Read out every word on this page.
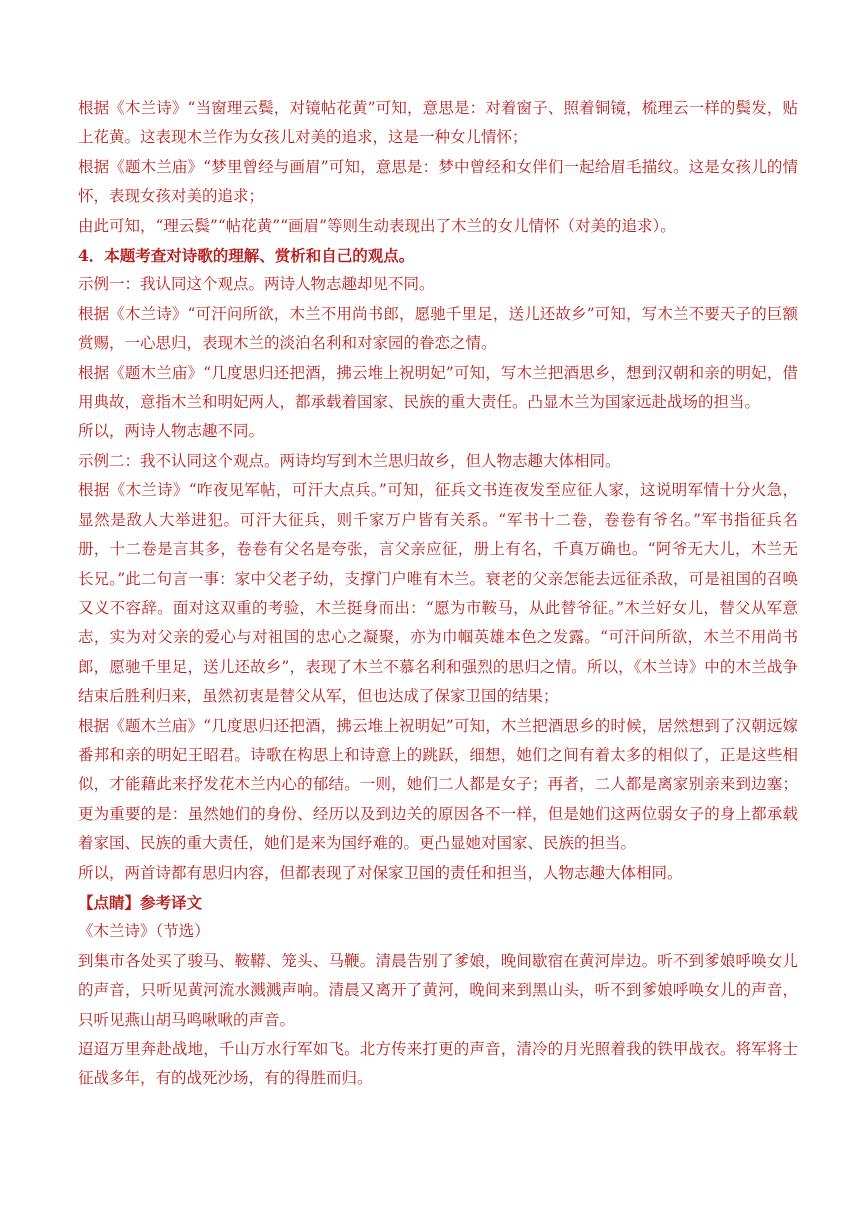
根据《木兰诗》“当窗理云鬓，对镜帖花黄”可知，意思是：对着窗子、照着铜镜，梳理云一样的鬓发，贴上花黄。这表现木兰作为女孩儿对美的追求，这是一种女儿情怀；

根据《题木兰庙》“梦里曾经与画眉”可知，意思是：梦中曾经和女伴们一起给眉毛描纹。这是女孩儿的情怀，表现女孩对美的追求；

由此可知，“理云鬓”“帖花黄”“画眉”等则生动表现出了木兰的女儿情怀（对美的追求）。

4．本题考查对诗歌的理解、赏析和自己的观点。

示例一：我认同这个观点。两诗人物志趣却见不同。

根据《木兰诗》“可汗问所欲，木兰不用尚书郎，愿驰千里足，送儿还故乡”可知，写木兰不要天子的巨额赏赐，一心思归，表现木兰的淡泊名利和对家园的眷恋之情。

根据《题木兰庙》“几度思归还把酒，拂云堆上祝明妃”可知，写木兰把酒思乡，想到汉朝和亲的明妃，借用典故，意指木兰和明妃两人，都承载着国家、民族的重大责任。凸显木兰为国家远赴战场的担当。

所以，两诗人物志趣不同。

示例二：我不认同这个观点。两诗均写到木兰思归故乡，但人物志趣大体相同。

根据《木兰诗》“咋夜见军帖，可汗大点兵。”可知，征兵文书连夜发至应征人家，这说明军情十分火急，显然是敌人大举进犯。可汗大征兵，则千家万户皆有关系。“军书十二卷，卷卷有爷名。”军书指征兵名册，十二卷是言其多，卷卷有父名是夸张，言父亲应征，册上有名，千真万确也。“阿爷无大儿，木兰无长兄。”此二句言一事：家中父老子幼，支撑门户唯有木兰。衰老的父亲怎能去远征杀敌，可是祖国的召唤又义不容辞。面对这双重的考验，木兰挺身而出：“愿为市鞍马，从此替爷征。”木兰好女儿，替父从军意志，实为对父亲的爱心与对祖国的忠心之凝聚，亦为巾帼英雄本色之发露。“可汗问所欲，木兰不用尚书郎，愿驰千里足，送儿还故乡”，表现了木兰不慕名利和强烈的思归之情。所以，《木兰诗》中的木兰战争结束后胜利归来，虽然初衷是替父从军，但也达成了保家卫国的结果；

根据《题木兰庙》“几度思归还把酒，拂云堆上祝明妃”可知，木兰把酒思乡的时候，居然想到了汉朝远嫁番邦和亲的明妃王昭君。诗歌在构思上和诗意上的跳跃，细想，她们之间有着太多的相似了，正是这些相似，才能藉此来抒发花木兰内心的郁结。一则，她们二人都是女子；再者，二人都是离家别亲来到边塞；更为重要的是：虽然她们的身份、经历以及到边关的原因各不一样，但是她们这两位弱女子的身上都承载着家国、民族的重大责任，她们是来为国纾难的。更凸显她对国家、民族的担当。

所以，两首诗都有思归内容，但都表现了对保家卫国的责任和担当，人物志趣大体相同。

【点睛】参考译文

《木兰诗》（节选）

到集市各处买了骏马、鞍鞯、笼头、马鞭。清晨告别了爹娘，晚间歇宿在黄河岸边。听不到爹娘呼唤女儿的声音，只听见黄河流水溅溅声响。清晨又离开了黄河，晚间来到黑山头，听不到爹娘呼唤女儿的声音，只听见燕山胡马鸣啾啾的声音。

迢迢万里奔赴战地，千山万水行军如飞。北方传来打更的声音，清冷的月光照着我的铁甲战衣。将军将士征战多年，有的战死沙场，有的得胜而归。
